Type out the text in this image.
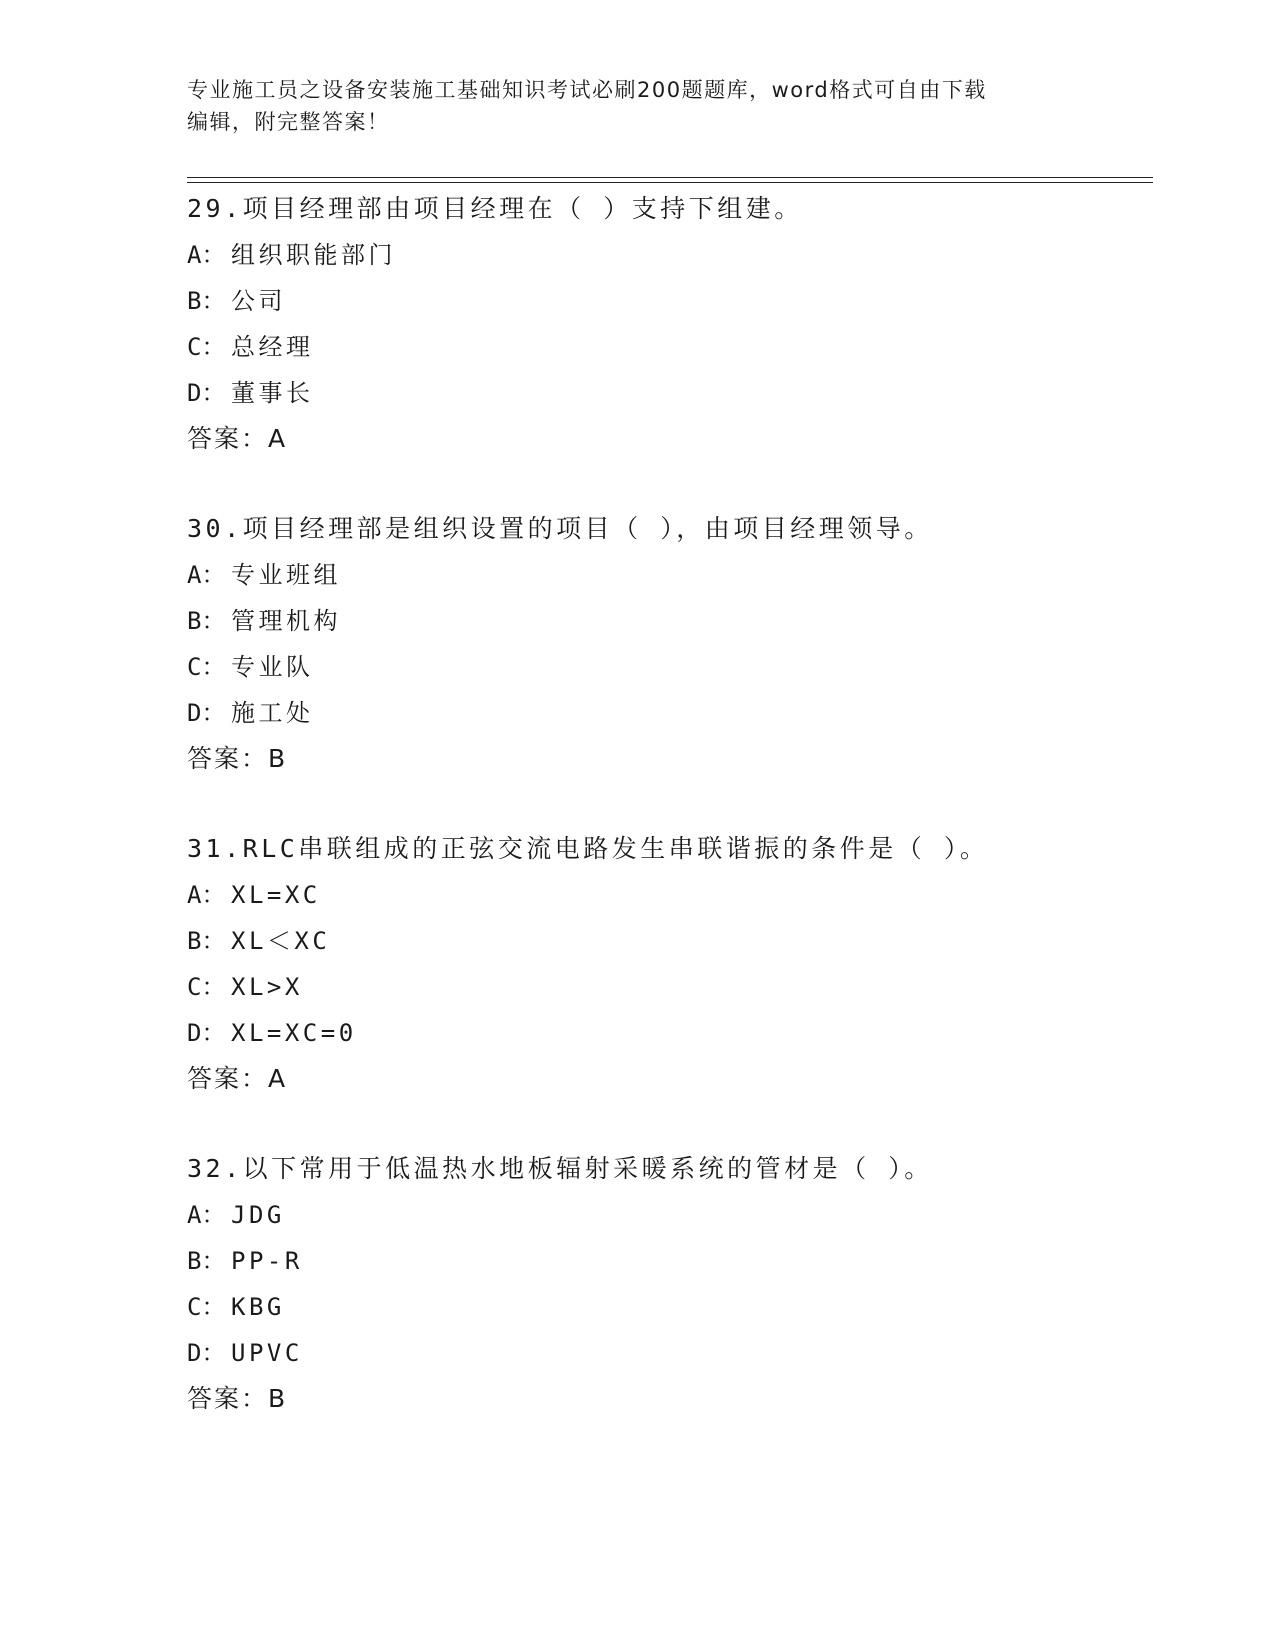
专业施工员之设备安装施工基础知识考试必刷200题题库，word格式可自由下载
编辑，附完整答案！
29.项目经理部由项目经理在（ ）支持下组建。
A： 组织职能部门
B： 公司
C： 总经理
D： 董事长
答案：A
30.项目经理部是组织设置的项目（ ），由项目经理领导。
A： 专业班组
B： 管理机构
C： 专业队
D： 施工处
答案：B
31.RLC串联组成的正弦交流电路发生串联谐振的条件是（ ）。
A： XL=XC
B： XL＜XC
C： XL>X
D： XL=XC=0
答案：A
32.以下常用于低温热水地板辐射采暖系统的管材是（ ）。
A： JDG
B： PP-R
C： KBG
D： UPVC
答案：B
